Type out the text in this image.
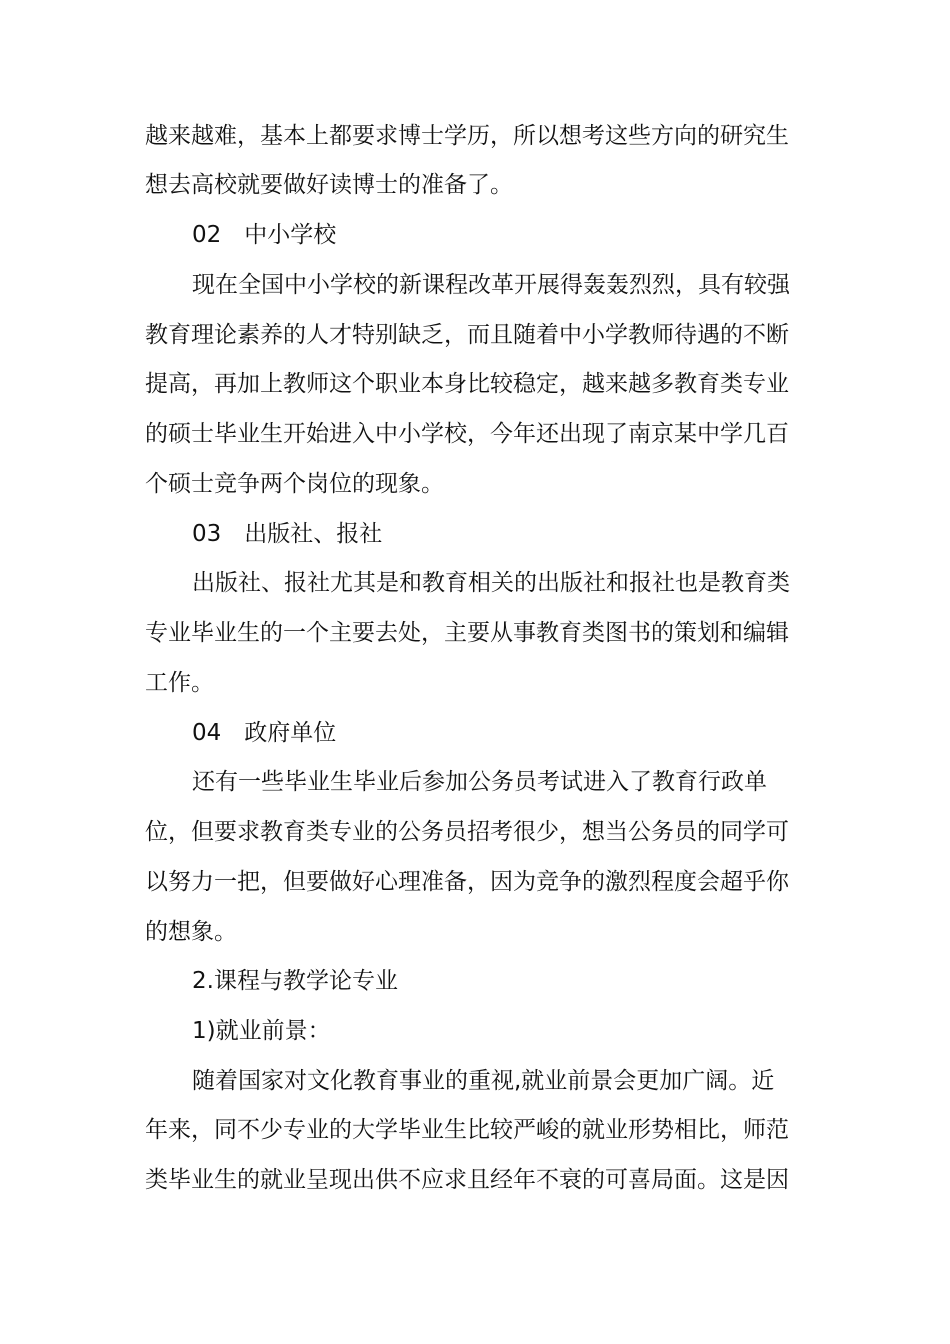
越来越难，基本上都要求博士学历，所以想考这些方向的研究生
想去高校就要做好读博士的准备了。
02　中小学校
现在全国中小学校的新课程改革开展得轰轰烈烈，具有较强
教育理论素养的人才特别缺乏，而且随着中小学教师待遇的不断
提高，再加上教师这个职业本身比较稳定，越来越多教育类专业
的硕士毕业生开始进入中小学校，今年还出现了南京某中学几百
个硕士竞争两个岗位的现象。
03　出版社、报社
出版社、报社尤其是和教育相关的出版社和报社也是教育类
专业毕业生的一个主要去处，主要从事教育类图书的策划和编辑
工作。
04　政府单位
还有一些毕业生毕业后参加公务员考试进入了教育行政单
位，但要求教育类专业的公务员招考很少，想当公务员的同学可
以努力一把，但要做好心理准备，因为竞争的激烈程度会超乎你
的想象。
2.课程与教学论专业
1)就业前景：
随着国家对文化教育事业的重视,就业前景会更加广阔。近
年来，同不少专业的大学毕业生比较严峻的就业形势相比，师范
类毕业生的就业呈现出供不应求且经年不衰的可喜局面。这是因
